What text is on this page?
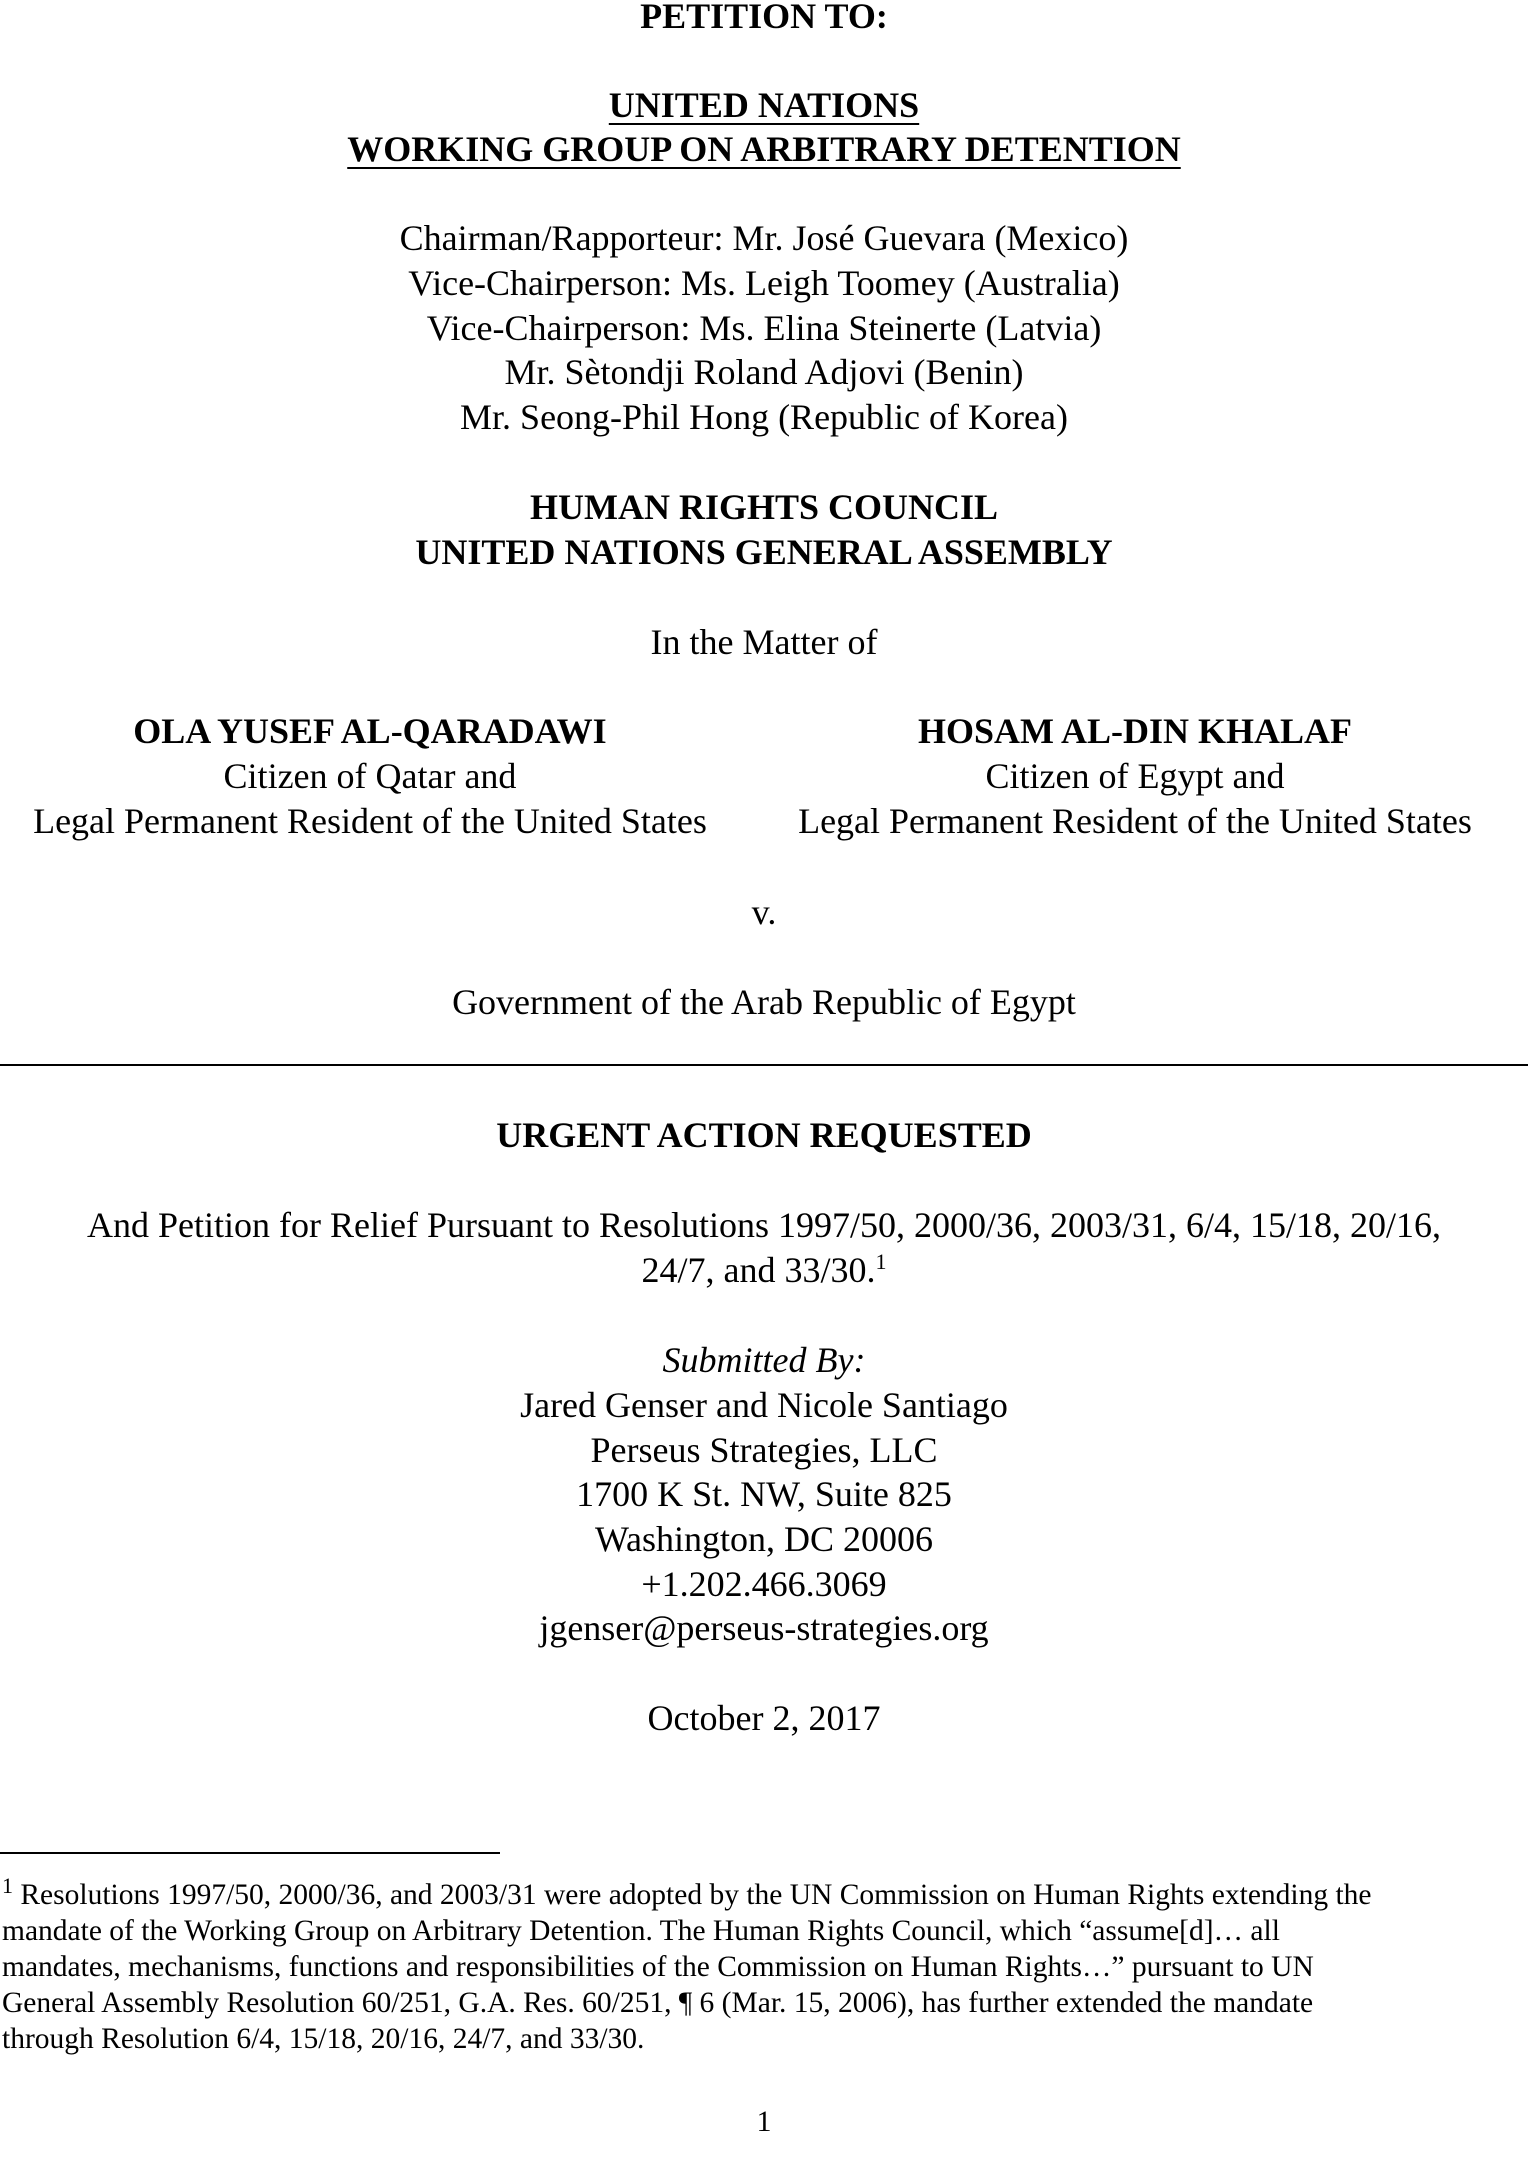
PETITION TO:
UNITED NATIONS
WORKING GROUP ON ARBITRARY DETENTION
Chairman/Rapporteur: Mr. José Guevara (Mexico)
Vice-Chairperson: Ms. Leigh Toomey (Australia)
Vice-Chairperson: Ms. Elina Steinerte (Latvia)
Mr. Sètondji Roland Adjovi (Benin)
Mr. Seong-Phil Hong (Republic of Korea)
HUMAN RIGHTS COUNCIL
UNITED NATIONS GENERAL ASSEMBLY
In the Matter of
OLA YUSEF AL-QARADAWI
Citizen of Qatar and
Legal Permanent Resident of the United States
HOSAM AL-DIN KHALAF
Citizen of Egypt and
Legal Permanent Resident of the United States
v.
Government of the Arab Republic of Egypt
URGENT ACTION REQUESTED
And Petition for Relief Pursuant to Resolutions 1997/50, 2000/36, 2003/31, 6/4, 15/18, 20/16,
24/7, and 33/30.$^1$
Submitted By:
Jared Genser and Nicole Santiago
Perseus Strategies, LLC
1700 K St. NW, Suite 825
Washington, DC 20006
+1.202.466.3069
jgenser@perseus-strategies.org
October 2, 2017

$^1$ Resolutions 1997/50, 2000/36, and 2003/31 were adopted by the UN Commission on Human Rights extending the

mandate of the Working Group on Arbitrary Detention. The Human Rights Council, which “assume[d]… all

mandates, mechanisms, functions and responsibilities of the Commission on Human Rights…” pursuant to UN

General Assembly Resolution 60/251, G.A. Res. 60/251, ¶ 6 (Mar. 15, 2006), has further extended the mandate

through Resolution 6/4, 15/18, 20/16, 24/7, and 33/30.

1
